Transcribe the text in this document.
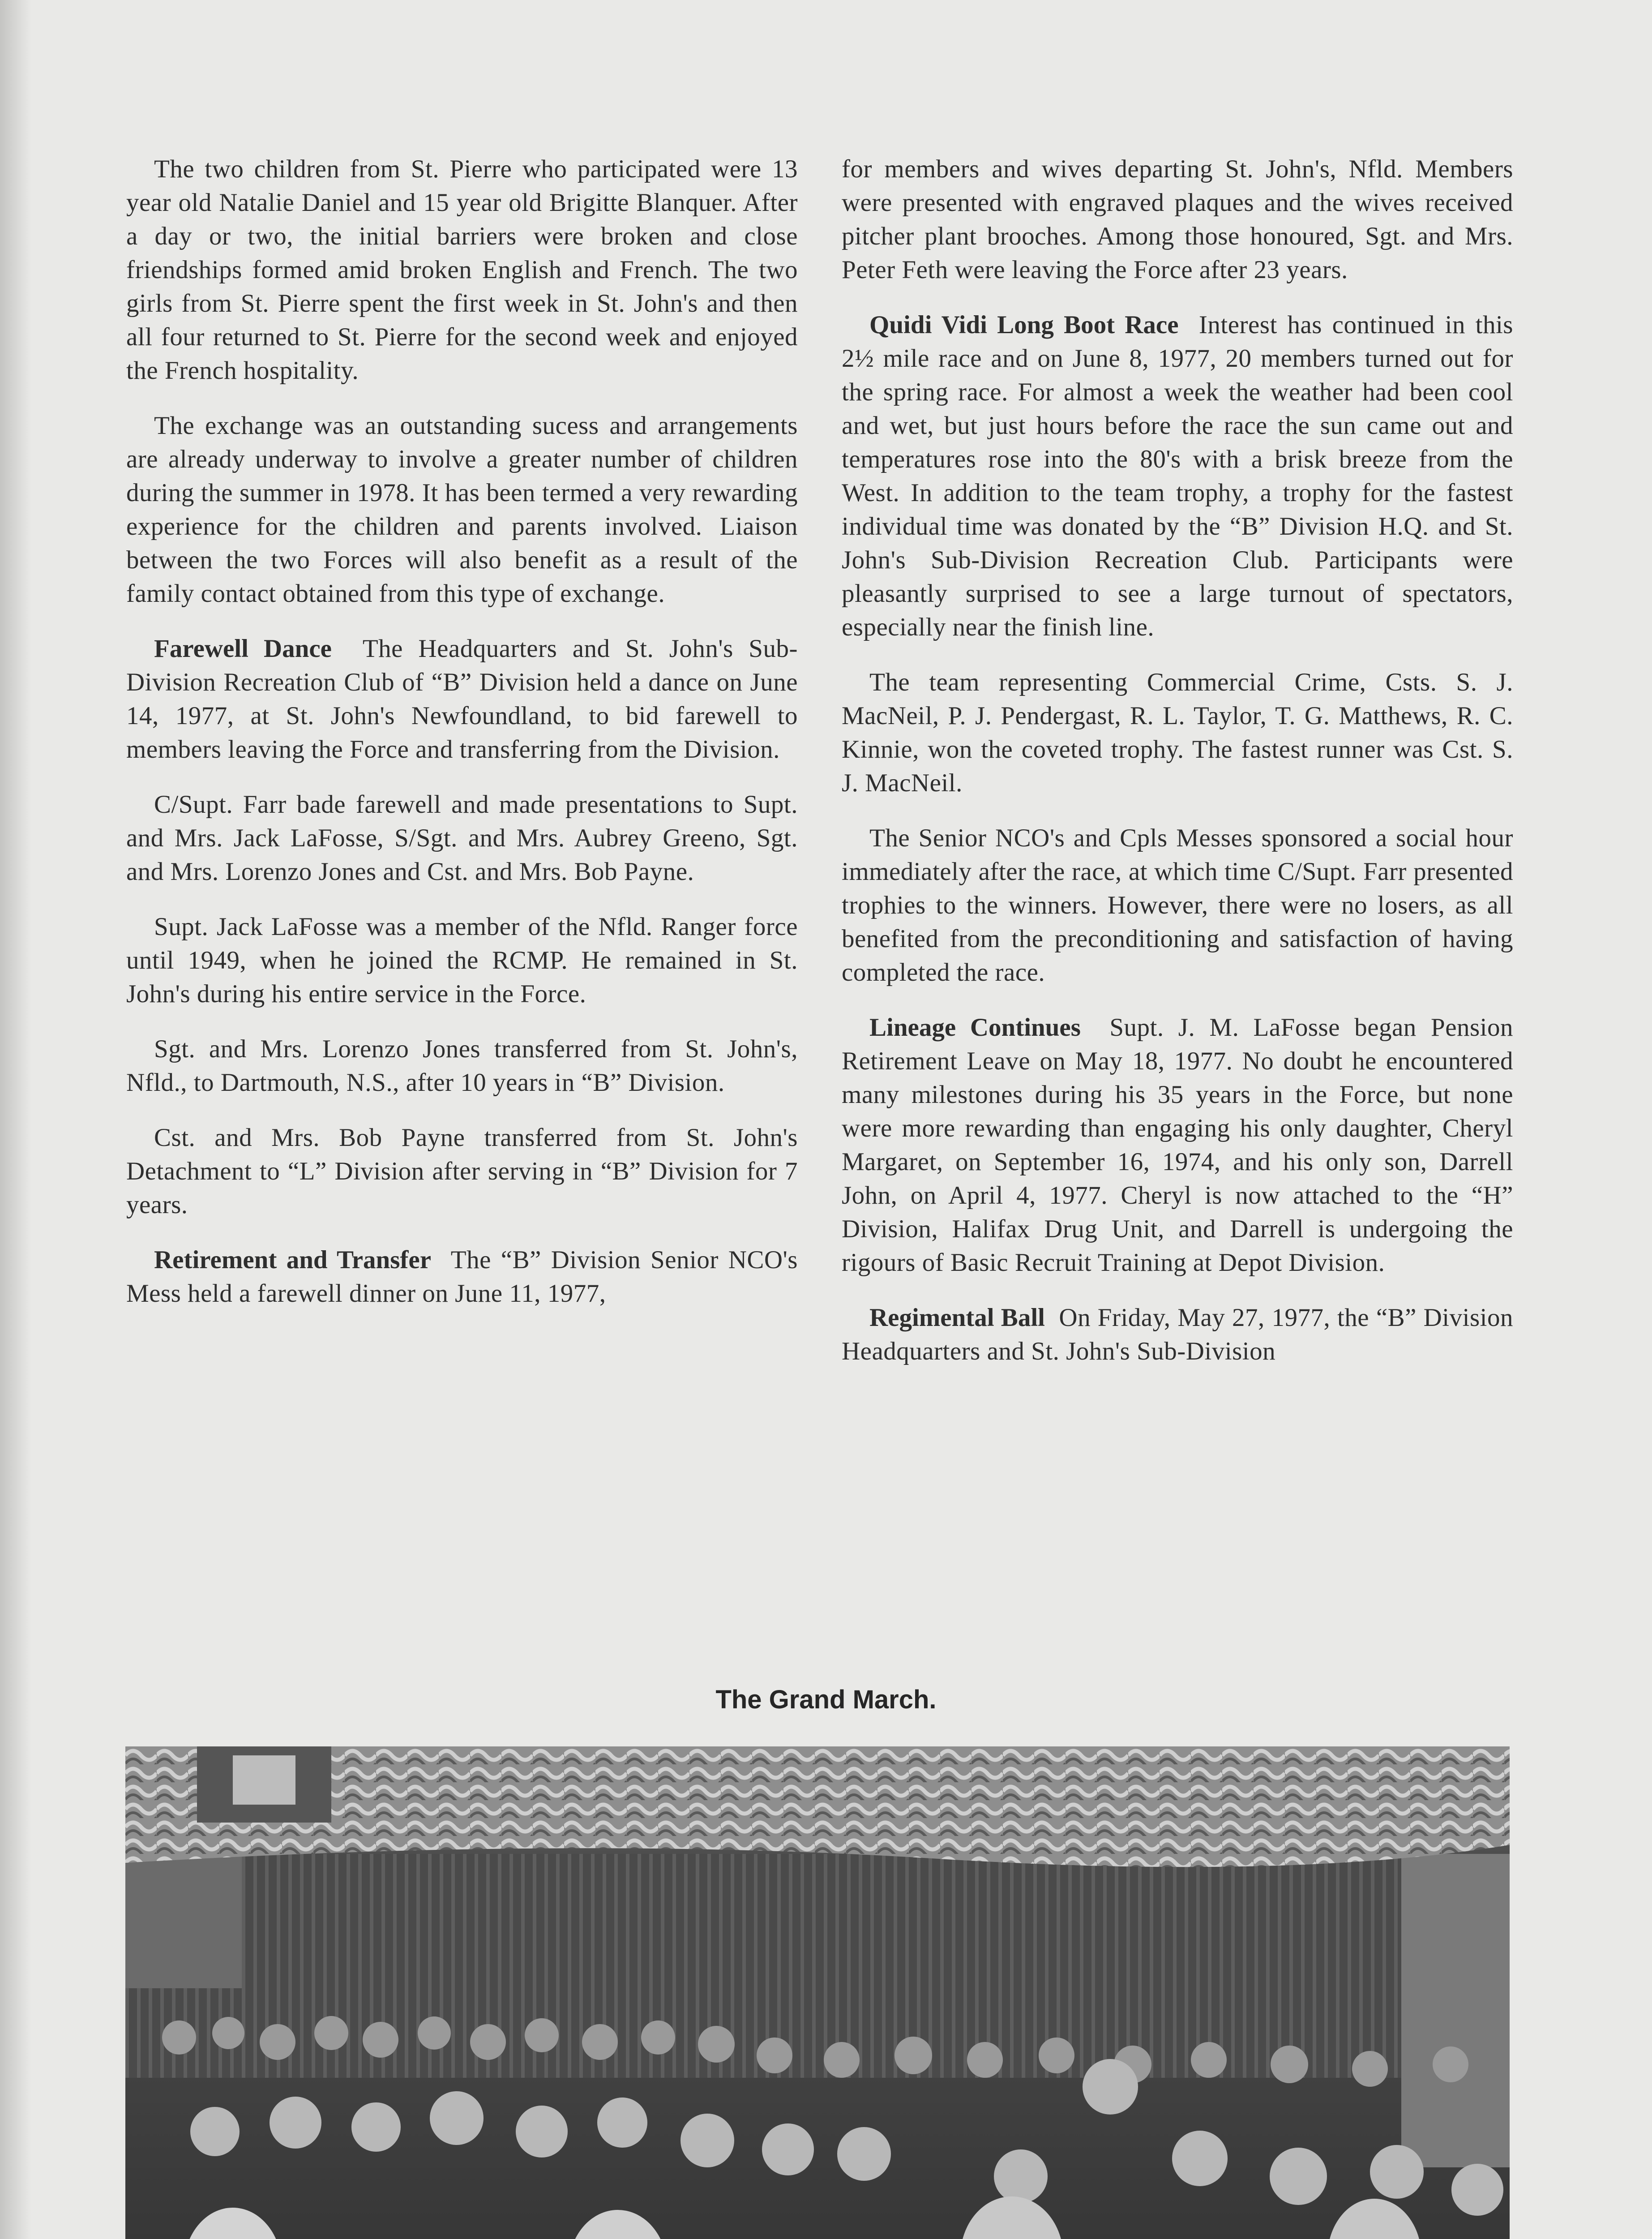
The two children from St. Pierre who participated were 13 year old Natalie Daniel and 15 year old Brigitte Blanquer. After a day or two, the initial barriers were broken and close friendships formed amid broken English and French. The two girls from St. Pierre spent the first week in St. John's and then all four returned to St. Pierre for the second week and enjoyed the French hospitality.

The exchange was an outstanding sucess and arrangements are already underway to involve a greater number of children during the summer in 1978. It has been termed a very rewarding experience for the children and parents involved. Liaison between the two Forces will also benefit as a result of the family contact obtained from this type of exchange.

Farewell Dance The Headquarters and St. John's Sub-Division Recreation Club of “B” Division held a dance on June 14, 1977, at St. John's Newfoundland, to bid farewell to members leaving the Force and transferring from the Division.

C/Supt. Farr bade farewell and made presentations to Supt. and Mrs. Jack LaFosse, S/Sgt. and Mrs. Aubrey Greeno, Sgt. and Mrs. Lorenzo Jones and Cst. and Mrs. Bob Payne.

Supt. Jack LaFosse was a member of the Nfld. Ranger force until 1949, when he joined the RCMP. He remained in St. John's during his entire service in the Force.

Sgt. and Mrs. Lorenzo Jones transferred from St. John's, Nfld., to Dartmouth, N.S., after 10 years in “B” Division.

Cst. and Mrs. Bob Payne transferred from St. John's Detachment to “L” Division after serving in “B” Division for 7 years.

Retirement and Transfer The “B” Division Senior NCO's Mess held a farewell dinner on June 11, 1977,

for members and wives departing St. John's, Nfld. Members were presented with engraved plaques and the wives received pitcher plant brooches. Among those honoured, Sgt. and Mrs. Peter Feth were leaving the Force after 23 years.

Quidi Vidi Long Boot Race Interest has continued in this 2½ mile race and on June 8, 1977, 20 members turned out for the spring race. For almost a week the weather had been cool and wet, but just hours before the race the sun came out and temperatures rose into the 80's with a brisk breeze from the West. In addition to the team trophy, a trophy for the fastest individual time was donated by the “B” Division H.Q. and St. John's Sub-Division Recreation Club. Participants were pleasantly surprised to see a large turnout of spectators, especially near the finish line.

The team representing Commercial Crime, Csts. S. J. MacNeil, P. J. Pendergast, R. L. Taylor, T. G. Matthews, R. C. Kinnie, won the coveted trophy. The fastest runner was Cst. S. J. MacNeil.

The Senior NCO's and Cpls Messes sponsored a social hour immediately after the race, at which time C/Supt. Farr presented trophies to the winners. However, there were no losers, as all benefited from the preconditioning and satisfaction of having completed the race.

Lineage Continues Supt. J. M. LaFosse began Pension Retirement Leave on May 18, 1977. No doubt he encountered many milestones during his 35 years in the Force, but none were more rewarding than engaging his only daughter, Cheryl Margaret, on September 16, 1974, and his only son, Darrell John, on April 4, 1977. Cheryl is now attached to the “H” Division, Halifax Drug Unit, and Darrell is undergoing the rigours of Basic Recruit Training at Depot Division.

Regimental Ball On Friday, May 27, 1977, the “B” Division Headquarters and St. John's Sub-Division

The Grand March.
